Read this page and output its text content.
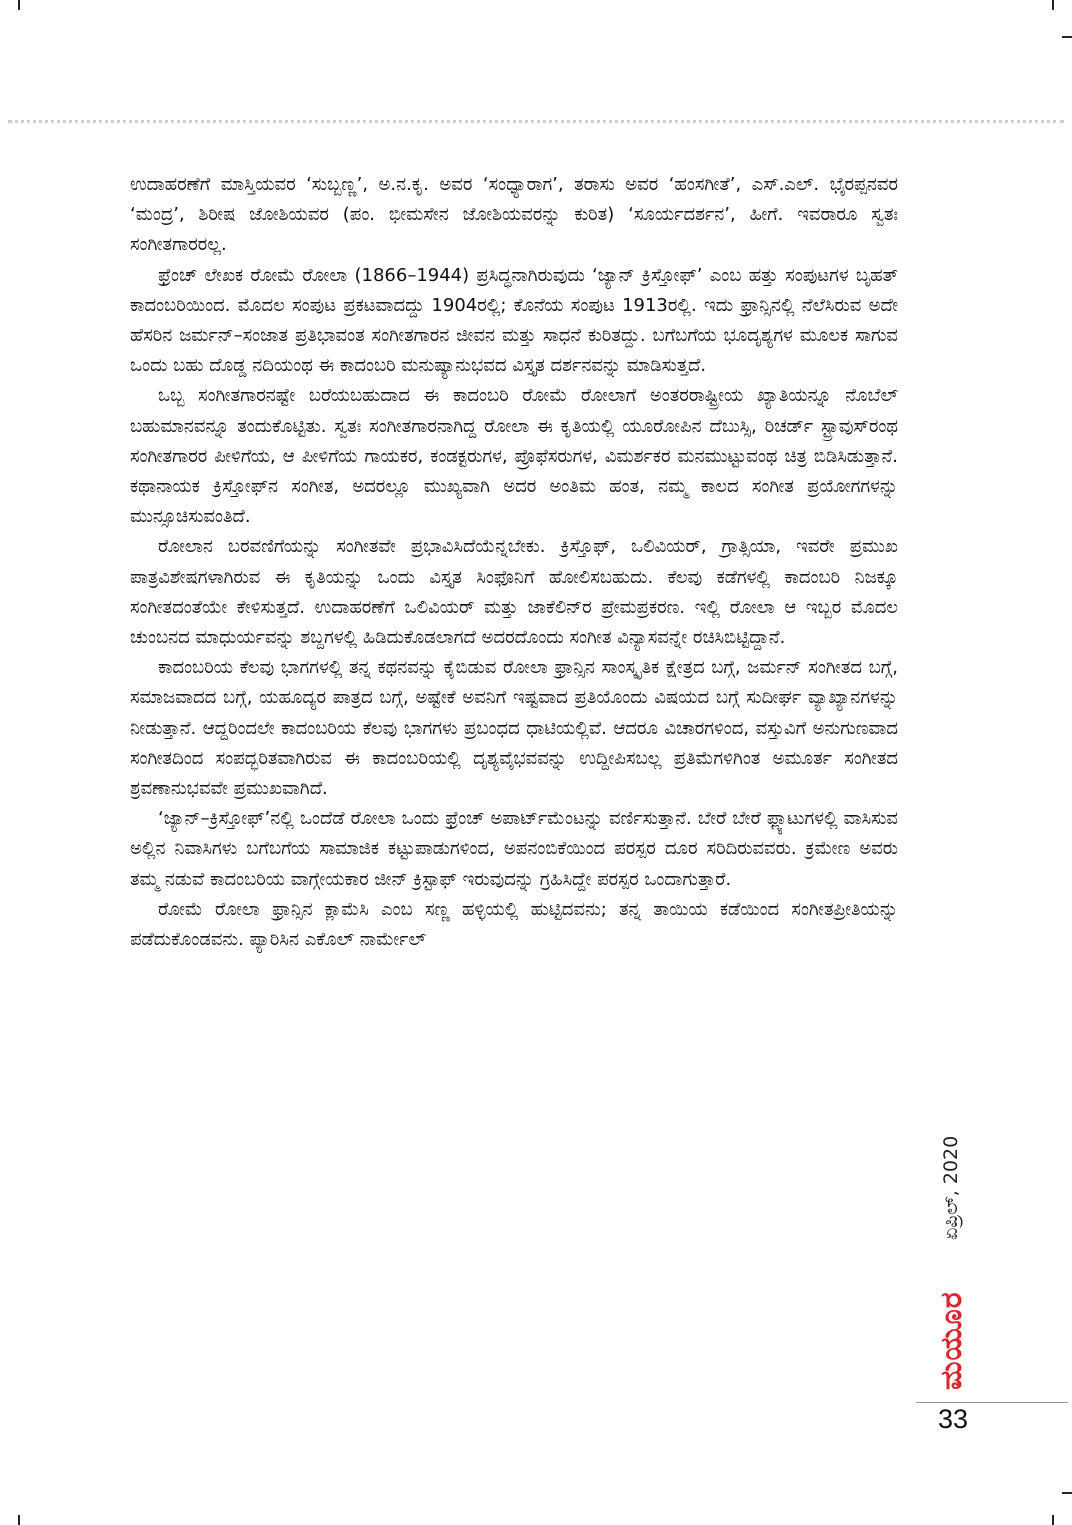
ಉದಾಹರಣೆಗೆ ಮಾಸ್ತಿಯವರ ‘ಸುಬ್ಬಣ್ಣ’, ಅ.ನ.ಕೃ. ಅವರ ‘ಸಂಧ್ಯಾರಾಗ’, ತರಾಸು ಅವರ ‘ಹಂಸಗೀತೆ’, ಎಸ್.ಎಲ್. ಭೈರಪ್ಪನವರ ‘ಮಂದ್ರ’, ಶಿರೀಷ ಜೋಶಿಯವರ (ಪಂ. ಭೀಮಸೇನ ಜೋಶಿಯವರನ್ನು ಕುರಿತ) ‘ಸೂರ್ಯದರ್ಶನ’, ಹೀಗೆ. ಇವರಾರೂ ಸ್ವತಃ ಸಂಗೀತಗಾರರಲ್ಲ.

ಫ್ರೆಂಚ್ ಲೇಖಕ ರೋಮೆ ರೋಲಾ (1866–1944) ಪ್ರಸಿದ್ಧನಾಗಿರುವುದು ‘ಜ್ಯಾನ್ ಕ್ರಿಸ್ತೋಫ್’ ಎಂಬ ಹತ್ತು ಸಂಪುಟಗಳ ಬೃಹತ್ ಕಾದಂಬರಿಯಿಂದ. ಮೊದಲ ಸಂಪುಟ ಪ್ರಕಟವಾದದ್ದು 1904ರಲ್ಲಿ; ಕೊನೆಯ ಸಂಪುಟ 1913ರಲ್ಲಿ. ಇದು ಫ್ರಾನ್ಸಿನಲ್ಲಿ ನೆಲೆಸಿರುವ ಅದೇ ಹೆಸರಿನ ಜರ್ಮನ್–ಸಂಜಾತ ಪ್ರತಿಭಾವಂತ ಸಂಗೀತಗಾರನ ಜೀವನ ಮತ್ತು ಸಾಧನೆ ಕುರಿತದ್ದು. ಬಗೆಬಗೆಯ ಭೂದೃಶ್ಯಗಳ ಮೂಲಕ ಸಾಗುವ ಒಂದು ಬಹು ದೊಡ್ಡ ನದಿಯಂಥ ಈ ಕಾದಂಬರಿ ಮನುಷ್ಯಾನುಭವದ ವಿಸ್ತೃತ ದರ್ಶನವನ್ನು ಮಾಡಿಸುತ್ತದೆ.

ಒಬ್ಬ ಸಂಗೀತಗಾರನಷ್ಟೇ ಬರೆಯಬಹುದಾದ ಈ ಕಾದಂಬರಿ ರೋಮೆ ರೋಲಾಗೆ ಅಂತರರಾಷ್ಟ್ರೀಯ ಖ್ಯಾತಿಯನ್ನೂ ನೊಬೆಲ್ ಬಹುಮಾನವನ್ನೂ ತಂದುಕೊಟ್ಟಿತು. ಸ್ವತಃ ಸಂಗೀತಗಾರನಾಗಿದ್ದ ರೋಲಾ ಈ ಕೃತಿಯಲ್ಲಿ ಯೂರೋಪಿನ ದೆಬುಸ್ಸಿ, ರಿಚರ್ಡ್ ಸ್ಟ್ರಾವುಸ್‌ರಂಥ ಸಂಗೀತಗಾರರ ಪೀಳಿಗೆಯ, ಆ ಪೀಳಿಗೆಯ ಗಾಯಕರ, ಕಂಡಕ್ಟರುಗಳ, ಪ್ರೊಫೆಸರುಗಳ, ವಿಮರ್ಶಕರ ಮನಮುಟ್ಟುವಂಥ ಚಿತ್ರ ಬಿಡಿಸಿಡುತ್ತಾನೆ. ಕಥಾನಾಯಕ ಕ್ರಿಸ್ತೋಫ್‌ನ ಸಂಗೀತ, ಅದರಲ್ಲೂ ಮುಖ್ಯವಾಗಿ ಅದರ ಅಂತಿಮ ಹಂತ, ನಮ್ಮ ಕಾಲದ ಸಂಗೀತ ಪ್ರಯೋಗಗಳನ್ನು ಮುನ್ಸೂಚಿಸುವಂತಿದೆ.

ರೋಲಾನ ಬರವಣಿಗೆಯನ್ನು ಸಂಗೀತವೇ ಪ್ರಭಾವಿಸಿದೆಯೆನ್ನಬೇಕು. ಕ್ರಿಸ್ತೊಫ್, ಒಲಿವಿಯರ್, ಗ್ರಾತ್ಸಿಯಾ, ಇವರೇ ಪ್ರಮುಖ ಪಾತ್ರವಿಶೇಷಗಳಾಗಿರುವ ಈ ಕೃತಿಯನ್ನು ಒಂದು ವಿಸ್ತೃತ ಸಿಂಫೊನಿಗೆ ಹೋಲಿಸಬಹುದು. ಕೆಲವು ಕಡೆಗಳಲ್ಲಿ ಕಾದಂಬರಿ ನಿಜಕ್ಕೂ ಸಂಗೀತದಂತೆಯೇ ಕೇಳಿಸುತ್ತದೆ. ಉದಾಹರಣೆಗೆ ಒಲಿವಿಯರ್ ಮತ್ತು ಜಾಕೆಲಿನ್‌ರ ಪ್ರೇಮಪ್ರಕರಣ. ಇಲ್ಲಿ ರೋಲಾ ಆ ಇಬ್ಬರ ಮೊದಲ ಚುಂಬನದ ಮಾಧುರ್ಯವನ್ನು ಶಬ್ದಗಳಲ್ಲಿ ಹಿಡಿದುಕೊಡಲಾಗದೆ ಅದರದೊಂದು ಸಂಗೀತ ವಿನ್ಯಾಸವನ್ನೇ ರಚಿಸಿಬಿಟ್ಟಿದ್ದಾನೆ.

ಕಾದಂಬರಿಯ ಕೆಲವು ಭಾಗಗಳಲ್ಲಿ ತನ್ನ ಕಥನವನ್ನು ಕೈಬಿಡುವ ರೋಲಾ ಫ್ರಾನ್ಸಿನ ಸಾಂಸ್ಕೃತಿಕ ಕ್ಷೇತ್ರದ ಬಗ್ಗೆ, ಜರ್ಮನ್ ಸಂಗೀತದ ಬಗ್ಗೆ, ಸಮಾಜವಾದದ ಬಗ್ಗೆ, ಯಹೂದ್ಯರ ಪಾತ್ರದ ಬಗ್ಗೆ, ಅಷ್ಟೇಕೆ ಅವನಿಗೆ ಇಷ್ಟವಾದ ಪ್ರತಿಯೊಂದು ವಿಷಯದ ಬಗ್ಗೆ ಸುದೀರ್ಘ ವ್ಯಾಖ್ಯಾನಗಳನ್ನು ನೀಡುತ್ತಾನೆ. ಆದ್ದರಿಂದಲೇ ಕಾದಂಬರಿಯ ಕೆಲವು ಭಾಗಗಳು ಪ್ರಬಂಧದ ಧಾಟಿಯಲ್ಲಿವೆ. ಆದರೂ ವಿಚಾರಗಳಿಂದ, ವಸ್ತುವಿಗೆ ಅನುಗುಣವಾದ ಸಂಗೀತದಿಂದ ಸಂಪದ್ಭರಿತವಾಗಿರುವ ಈ ಕಾದಂಬರಿಯಲ್ಲಿ ದೃಶ್ಯವೈಭವವನ್ನು ಉದ್ದೀಪಿಸಬಲ್ಲ ಪ್ರತಿಮೆಗಳಿಗಿಂತ ಅಮೂರ್ತ ಸಂಗೀತದ ಶ್ರವಣಾನುಭವವೇ ಪ್ರಮುಖವಾಗಿದೆ.

‘ಜ್ಯಾನ್–ಕ್ರಿಸ್ತೋಫ್’ನಲ್ಲಿ ಒಂದೆಡೆ ರೋಲಾ ಒಂದು ಫ್ರೆಂಚ್ ಅಪಾರ್ಟ್‌ಮೆಂಟನ್ನು ವರ್ಣಿಸುತ್ತಾನೆ. ಬೇರೆ ಬೇರೆ ಫ್ಲ್ಯಾಟುಗಳಲ್ಲಿ ವಾಸಿಸುವ ಅಲ್ಲಿನ ನಿವಾಸಿಗಳು ಬಗೆಬಗೆಯ ಸಾಮಾಜಿಕ ಕಟ್ಟುಪಾಡುಗಳಿಂದ, ಅಪನಂಬಿಕೆಯಿಂದ ಪರಸ್ಪರ ದೂರ ಸರಿದಿರುವವರು. ಕ್ರಮೇಣ ಅವರು ತಮ್ಮ ನಡುವೆ ಕಾದಂಬರಿಯ ವಾಗ್ಗೇಯಕಾರ ಜೀನ್ ಕ್ರಿಸ್ಟಾಫ್ ಇರುವುದನ್ನು ಗ್ರಹಿಸಿದ್ದೇ ಪರಸ್ಪರ ಒಂದಾಗುತ್ತಾರೆ.

ರೋಮೆ ರೋಲಾ ಫ್ರಾನ್ಸಿನ ಕ್ಲಾಮೆಸಿ ಎಂಬ ಸಣ್ಣ ಹಳ್ಳಿಯಲ್ಲಿ ಹುಟ್ಟಿದವನು; ತನ್ನ ತಾಯಿಯ ಕಡೆಯಿಂದ ಸಂಗೀತಪ್ರೀತಿಯನ್ನು ಪಡೆದುಕೊಂಡವನು. ಪ್ಯಾರಿಸಿನ ಎಕೊಲ್ ನಾರ್ಮೇಲ್

ಏಪ್ರಿಲ್, 2020
ಮಯೂರ
33
